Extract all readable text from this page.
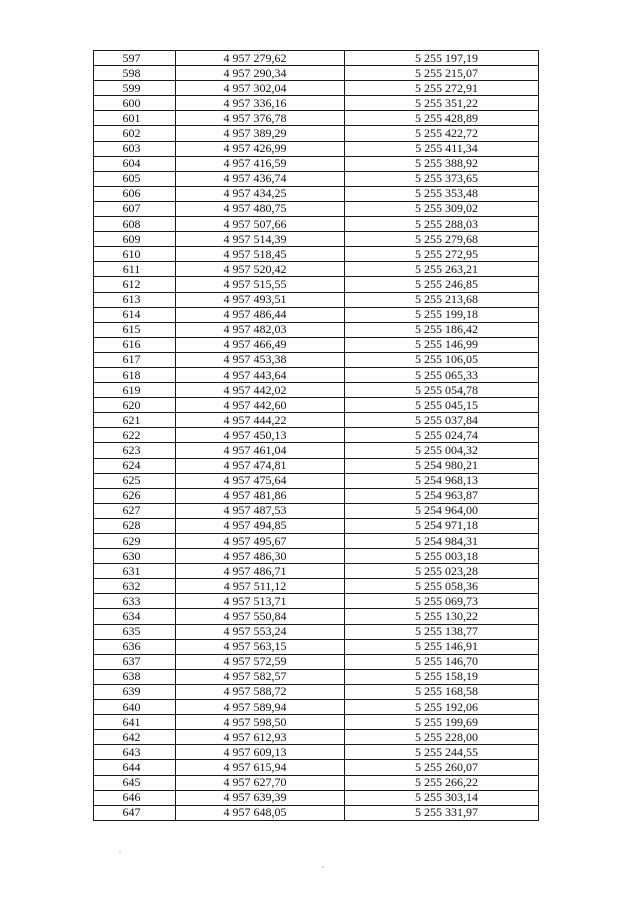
597	4 957 279,62	5 255 197,19
598	4 957 290,34	5 255 215,07
599	4 957 302,04	5 255 272,91
600	4 957 336,16	5 255 351,22
601	4 957 376,78	5 255 428,89
602	4 957 389,29	5 255 422,72
603	4 957 426,99	5 255 411,34
604	4 957 416,59	5 255 388,92
605	4 957 436,74	5 255 373,65
606	4 957 434,25	5 255 353,48
607	4 957 480,75	5 255 309,02
608	4 957 507,66	5 255 288,03
609	4 957 514,39	5 255 279,68
610	4 957 518,45	5 255 272,95
611	4 957 520,42	5 255 263,21
612	4 957 515,55	5 255 246,85
613	4 957 493,51	5 255 213,68
614	4 957 486,44	5 255 199,18
615	4 957 482,03	5 255 186,42
616	4 957 466,49	5 255 146,99
617	4 957 453,38	5 255 106,05
618	4 957 443,64	5 255 065,33
619	4 957 442,02	5 255 054,78
620	4 957 442,60	5 255 045,15
621	4 957 444,22	5 255 037,84
622	4 957 450,13	5 255 024,74
623	4 957 461,04	5 255 004,32
624	4 957 474,81	5 254 980,21
625	4 957 475,64	5 254 968,13
626	4 957 481,86	5 254 963,87
627	4 957 487,53	5 254 964,00
628	4 957 494,85	5 254 971,18
629	4 957 495,67	5 254 984,31
630	4 957 486,30	5 255 003,18
631	4 957 486,71	5 255 023,28
632	4 957 511,12	5 255 058,36
633	4 957 513,71	5 255 069,73
634	4 957 550,84	5 255 130,22
635	4 957 553,24	5 255 138,77
636	4 957 563,15	5 255 146,91
637	4 957 572,59	5 255 146,70
638	4 957 582,57	5 255 158,19
639	4 957 588,72	5 255 168,58
640	4 957 589,94	5 255 192,06
641	4 957 598,50	5 255 199,69
642	4 957 612,93	5 255 228,00
643	4 957 609,13	5 255 244,55
644	4 957 615,94	5 255 260,07
645	4 957 627,70	5 255 266,22
646	4 957 639,39	5 255 303,14
647	4 957 648,05	5 255 331,97
